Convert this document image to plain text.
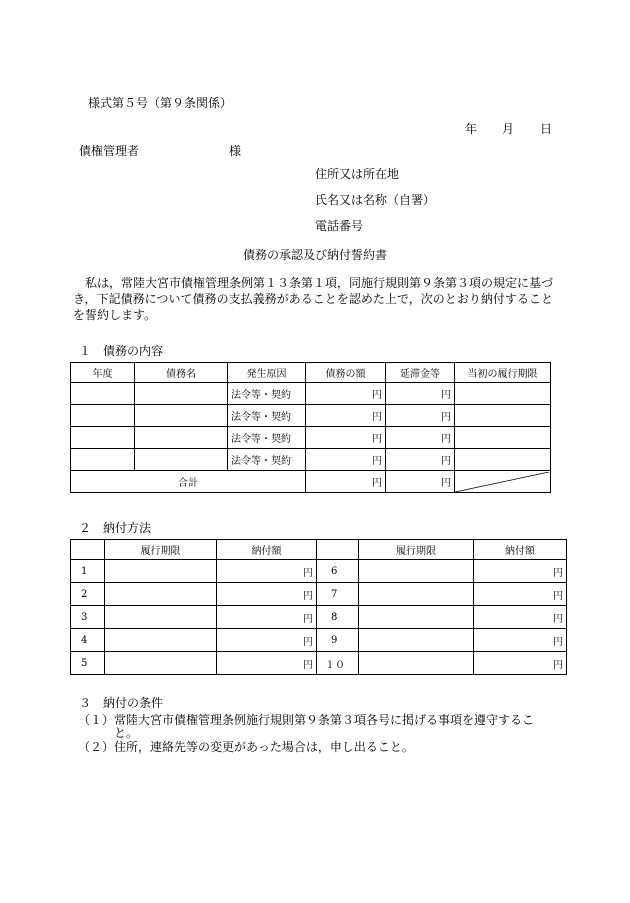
様式第５号（第９条関係）
年 月 日
債権管理者	様
住所又は所在地
氏名又は名称（自署）
電話番号
債務の承認及び納付誓約書
私は，常陸大宮市債権管理条例第１３条第１項，同施行規則第９条第３項の規定に基づき，下記債務について債務の支払義務があることを認めた上で，次のとおり納付することを誓約します。
１　債務の内容
年度	債務名	発生原因	債務の額	延滞金等	当初の履行期限
		法令等・契約	円	円	
		法令等・契約	円	円	
		法令等・契約	円	円	
		法令等・契約	円	円	
合計			円	円	
２　納付方法
	履行期限	納付額		履行期限	納付額
1		円	6		円
2		円	7		円
3		円	8		円
4		円	9		円
5		円	１０		円
３　納付の条件
（１）常陸大宮市債権管理条例施行規則第９条第３項各号に掲げる事項を遵守するこ
と。
（２）住所，連絡先等の変更があった場合は，申し出ること。
